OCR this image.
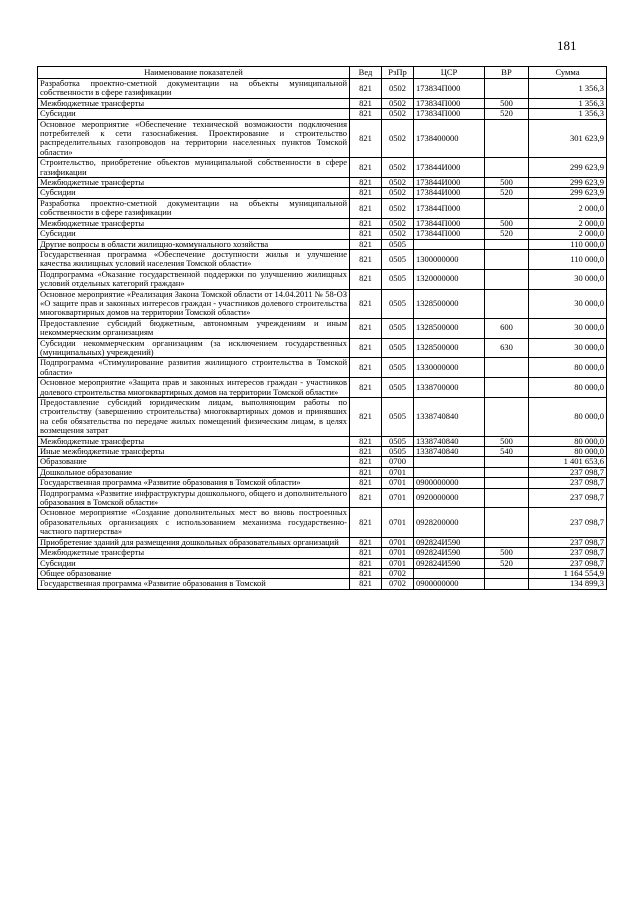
181
Наименование показателей	Вед	РзПр	ЦСР	ВР	Сумма
Разработка проектно-сметной документации на объекты муниципальной собственности в сфере газификации	821	0502	173834П000		1 356,3
Межбюджетные трансферты	821	0502	173834П000	500	1 356,3
Субсидии	821	0502	173834П000	520	1 356,3
Основное мероприятие «Обеспечение технической возможности подключения потребителей к сети газоснабжения. Проектирование и строительство распределительных газопроводов на территории населенных пунктов Томской области»	821	0502	1738400000		301 623,9
Строительство, приобретение объектов муниципальной собственности в сфере газификации	821	0502	173844И000		299 623,9
Межбюджетные трансферты	821	0502	173844И000	500	299 623,9
Субсидии	821	0502	173844И000	520	299 623,9
Разработка проектно-сметной документации на объекты муниципальной собственности в сфере газификации	821	0502	173844П000		2 000,0
Межбюджетные трансферты	821	0502	173844П000	500	2 000,0
Субсидии	821	0502	173844П000	520	2 000,0
Другие вопросы в области жилищно-коммунального хозяйства	821	0505			110 000,0
Государственная программа «Обеспечение доступности жилья и улучшение качества жилищных условий населения Томской области»	821	0505	1300000000		110 000,0
Подпрограмма «Оказание государственной поддержки по улучшению жилищных условий отдельных категорий граждан»	821	0505	1320000000		30 000,0
Основное мероприятие «Реализация Закона Томской области от 14.04.2011 № 58-ОЗ «О защите прав и законных интересов граждан - участников долевого строительства многоквартирных домов на территории Томской области»	821	0505	1328500000		30 000,0
Предоставление субсидий бюджетным, автономным учреждениям и иным некоммерческим организациям	821	0505	1328500000	600	30 000,0
Субсидии некоммерческим организациям (за исключением государственных (муниципальных) учреждений)	821	0505	1328500000	630	30 000,0
Подпрограмма «Стимулирование развития жилищного строительства в Томской области»	821	0505	1330000000		80 000,0
Основное мероприятие «Защита прав и законных интересов граждан - участников долевого строительства многоквартирных домов на территории Томской области»	821	0505	1338700000		80 000,0
Предоставление субсидий юридическим лицам, выполняющим работы по строительству (завершению строительства) многоквартирных домов и принявших на себя обязательства по передаче жилых помещений физическим лицам, в целях возмещения затрат	821	0505	1338740840		80 000,0
Межбюджетные трансферты	821	0505	1338740840	500	80 000,0
Иные межбюджетные трансферты	821	0505	1338740840	540	80 000,0
Образование	821	0700			1 401 653,6
Дошкольное образование	821	0701			237 098,7
Государственная программа «Развитие образования в Томской области»	821	0701	0900000000		237 098,7
Подпрограмма «Развитие инфраструктуры дошкольного, общего и дополнительного образования в Томской области»	821	0701	0920000000		237 098,7
Основное мероприятие «Создание дополнительных мест во вновь построенных образовательных организациях с использованием механизма государственно-частного партнерства»	821	0701	0928200000		237 098,7
Приобретение зданий для размещения дошкольных образовательных организаций	821	0701	092824И590		237 098,7
Межбюджетные трансферты	821	0701	092824И590	500	237 098,7
Субсидии	821	0701	092824И590	520	237 098,7
Общее образование	821	0702			1 164 554,9
Государственная программа «Развитие образования в Томской	821	0702	0900000000		134 899,3
